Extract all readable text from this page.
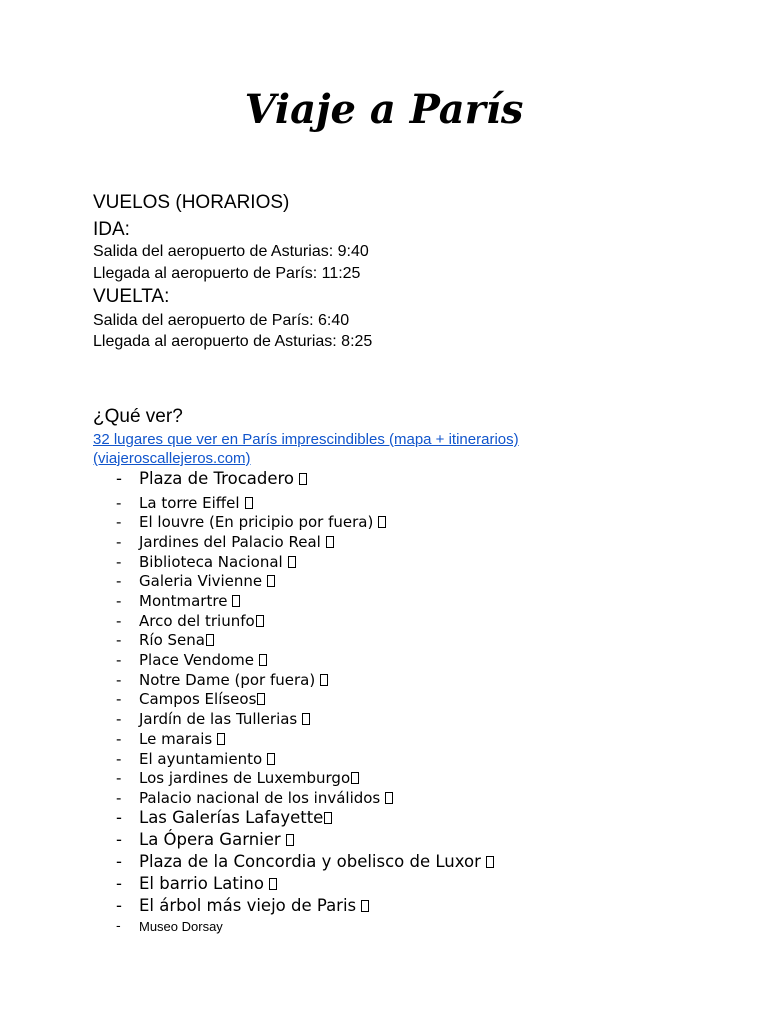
Viaje a París
VUELOS (HORARIOS)
IDA:
Salida del aeropuerto de Asturias: 9:40
Llegada al aeropuerto de París: 11:25
VUELTA:
Salida del aeropuerto de París: 6:40
Llegada al aeropuerto de Asturias: 8:25
¿Qué ver?
32 lugares que ver en París imprescindibles (mapa + itinerarios)
(viajeroscallejeros.com)
- Plaza de Trocadero
- La torre Eiffel
- El louvre (En pricipio por fuera)
- Jardines del Palacio Real
- Biblioteca Nacional
- Galeria Vivienne
- Montmartre
- Arco del triunfo
- Río Sena
- Place Vendome
- Notre Dame (por fuera)
- Campos Elíseos
- Jardín de las Tullerias
- Le marais
- El ayuntamiento
- Los jardines de Luxemburgo
- Palacio nacional de los inválidos
- Las Galerías Lafayette
- La Ópera Garnier
- Plaza de la Concordia y obelisco de Luxor
- El barrio Latino
- El árbol más viejo de Paris
- Museo Dorsay
